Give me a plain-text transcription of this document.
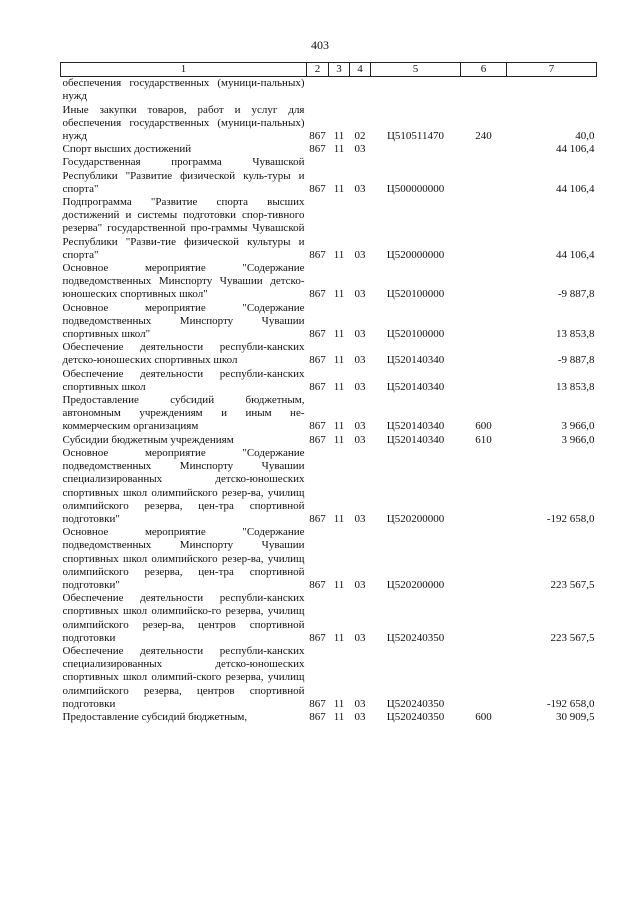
403
1	2	3	4	5	6	7
обеспечения государственных (муници-пальных) нужд						
Иные закупки товаров, работ и услуг для обеспечения государственных (муници-пальных) нужд	867	11	02	Ц510511470	240	40,0
Спорт высших достижений	867	11	03			44 106,4
Государственная программа Чувашской Республики "Развитие физической куль-туры и спорта"	867	11	03	Ц500000000		44 106,4
Подпрограмма "Развитие спорта высших достижений и системы подготовки спор-тивного резерва" государственной про-граммы Чувашской Республики "Разви-тие физической культуры и спорта"	867	11	03	Ц520000000		44 106,4
Основное мероприятие "Содержание подведомственных Минспорту Чувашии детско-юношеских спортивных школ"	867	11	03	Ц520100000		-9 887,8
Основное мероприятие "Содержание подведомственных Минспорту Чувашии спортивных школ"	867	11	03	Ц520100000		13 853,8
Обеспечение деятельности республи-канских детско-юношеских спортивных школ	867	11	03	Ц520140340		-9 887,8
Обеспечение деятельности республи-канских спортивных школ	867	11	03	Ц520140340		13 853,8
Предоставление субсидий бюджетным, автономным учреждениям и иным не-коммерческим организациям	867	11	03	Ц520140340	600	3 966,0
Субсидии бюджетным учреждениям	867	11	03	Ц520140340	610	3 966,0
Основное мероприятие "Содержание подведомственных Минспорту Чувашии специализированных детско-юношеских спортивных школ олимпийского резер-ва, училищ олимпийского резерва, цен-тра спортивной подготовки"	867	11	03	Ц520200000		-192 658,0
Основное мероприятие "Содержание подведомственных Минспорту Чувашии спортивных школ олимпийского резер-ва, училищ олимпийского резерва, цен-тра спортивной подготовки"	867	11	03	Ц520200000		223 567,5
Обеспечение деятельности республи-канских спортивных школ олимпийско-го резерва, училищ олимпийского резер-ва, центров спортивной подготовки	867	11	03	Ц520240350		223 567,5
Обеспечение деятельности республи-канских специализированных детско-юношеских спортивных школ олимпий-ского резерва, училищ олимпийского резерва, центров спортивной подготовки	867	11	03	Ц520240350		-192 658,0
Предоставление субсидий бюджетным,	867	11	03	Ц520240350	600	30 909,5
